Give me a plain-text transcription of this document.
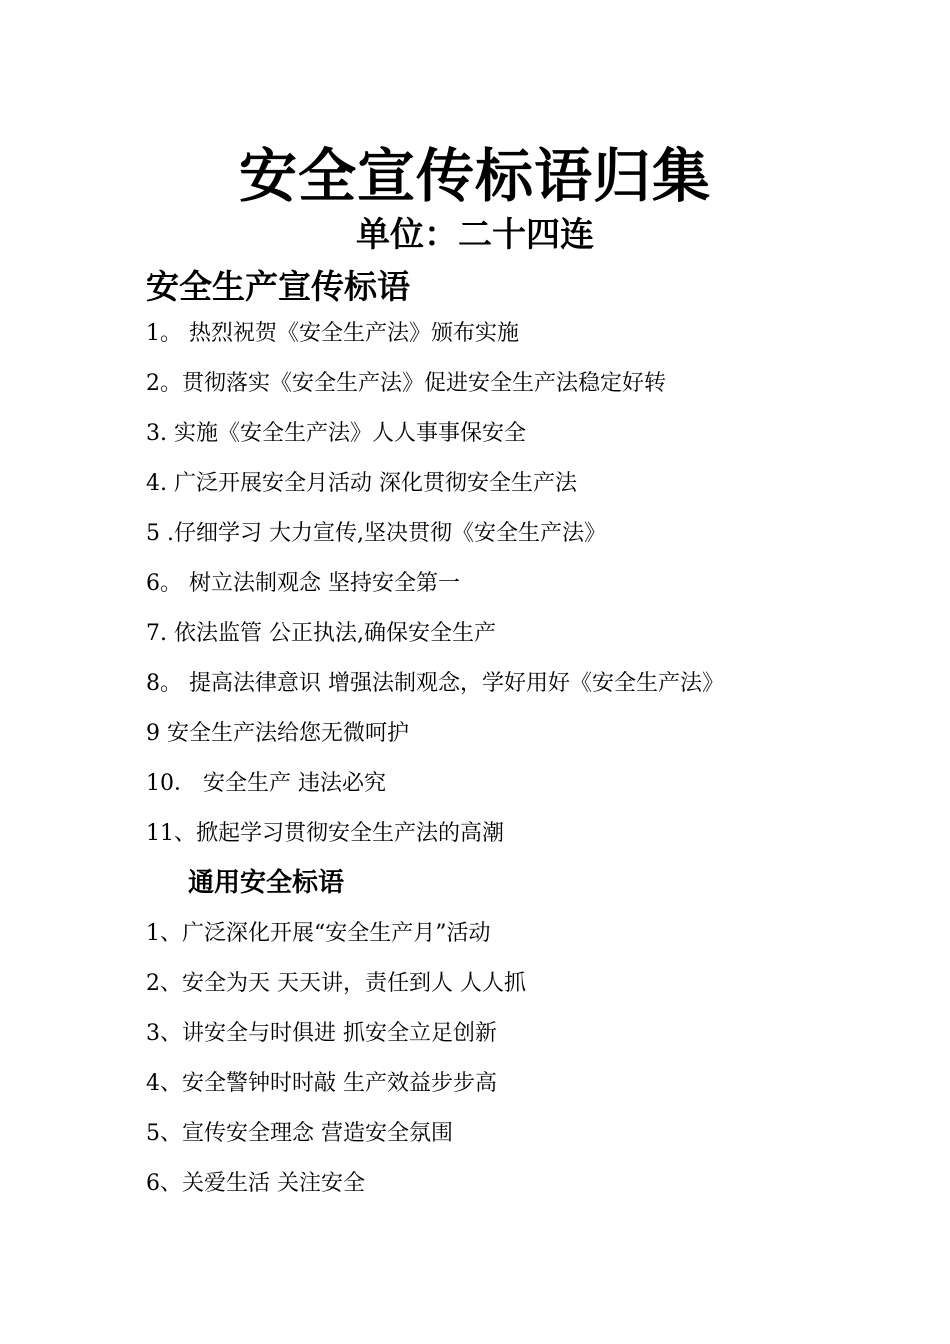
安全宣传标语归集
单位：二十四连
安全生产宣传标语
1。 热烈祝贺《安全生产法》颁布实施
2。贯彻落实《安全生产法》促进安全生产法稳定好转
3. 实施《安全生产法》人人事事保安全
4. 广泛开展安全月活动 深化贯彻安全生产法
5 .仔细学习 大力宣传,坚决贯彻《安全生产法》
6。 树立法制观念 坚持安全第一
7. 依法监管 公正执法,确保安全生产
8。 提高法律意识 增强法制观念，学好用好《安全生产法》
9 安全生产法给您无微呵护
10． 安全生产 违法必究
11、掀起学习贯彻安全生产法的高潮
通用安全标语
1、广泛深化开展“安全生产月”活动
2、安全为天 天天讲，责任到人 人人抓
3、讲安全与时俱进 抓安全立足创新
4、安全警钟时时敲 生产效益步步高
5、宣传安全理念 营造安全氛围
6、关爱生活 关注安全
